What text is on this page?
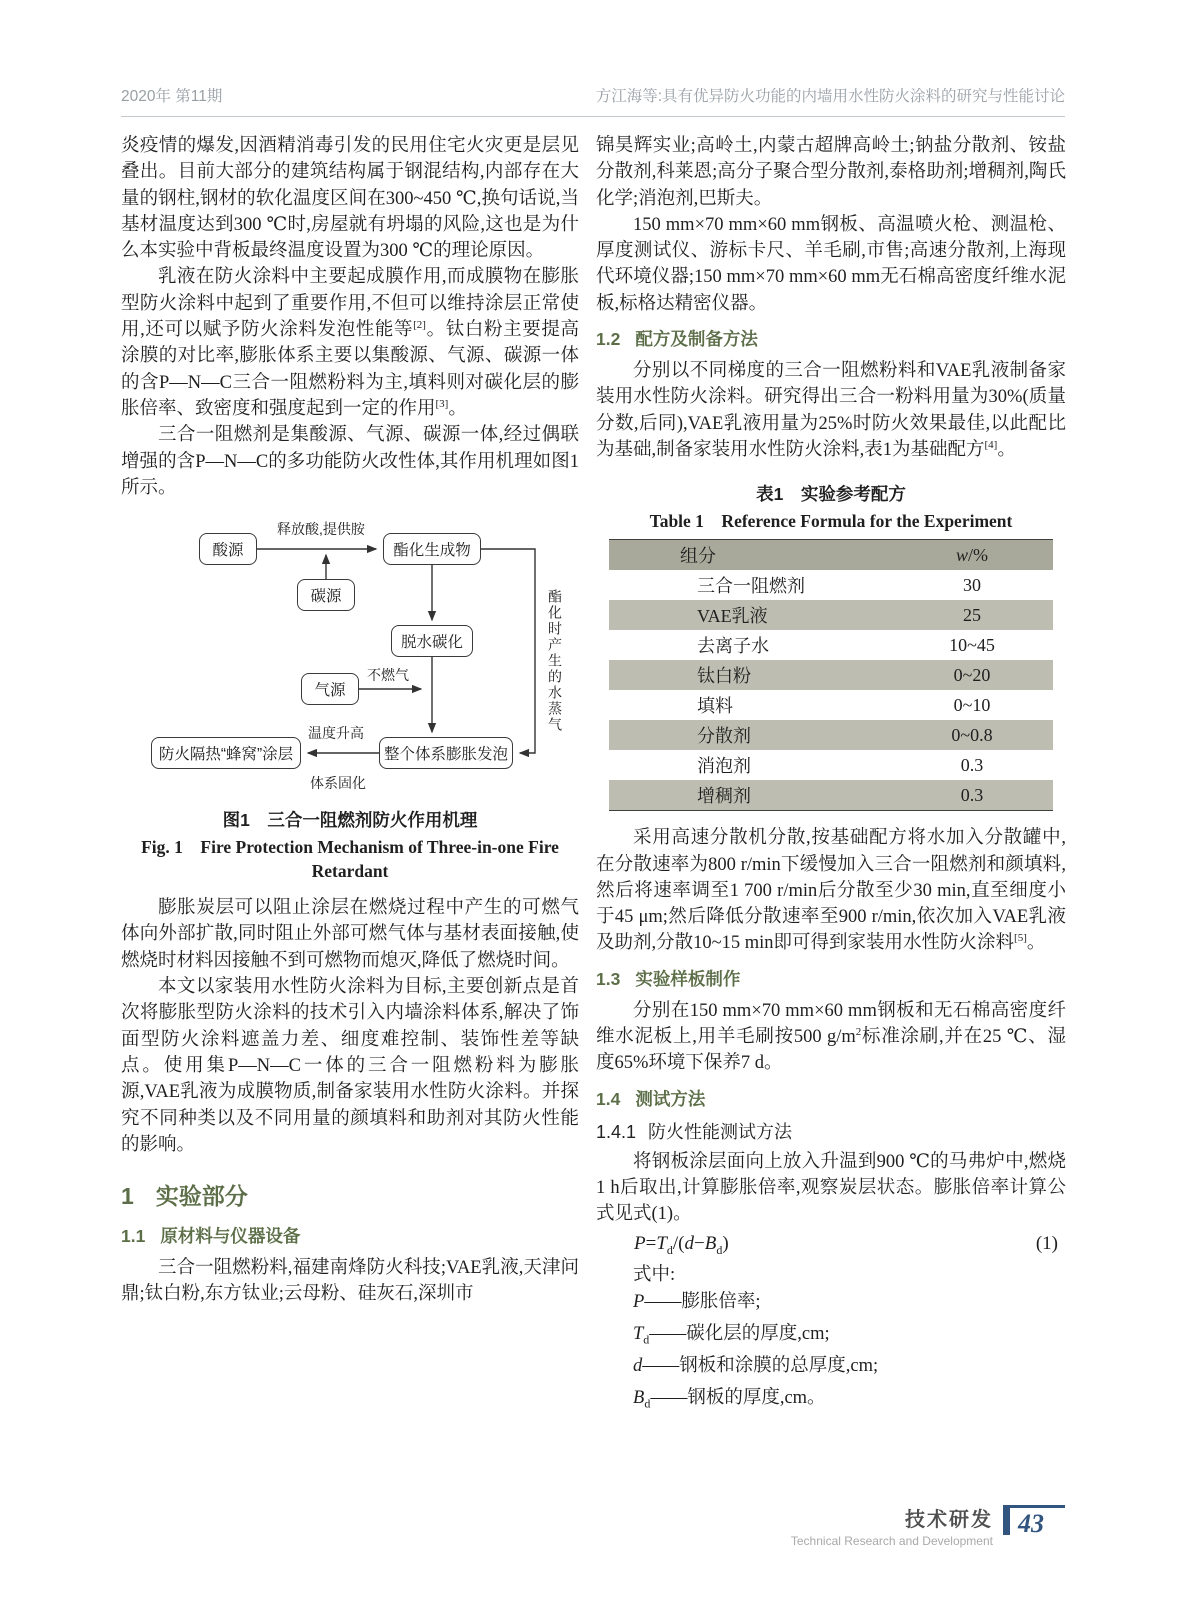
2020年 第11期	方江海等:具有优异防火功能的内墙用水性防火涂料的研究与性能讨论

炎疫情的爆发,因酒精消毒引发的民用住宅火灾更是层见叠出。目前大部分的建筑结构属于钢混结构,内部存在大量的钢柱,钢材的软化温度区间在300~450 ℃,换句话说,当基材温度达到300 ℃时,房屋就有坍塌的风险,这也是为什么本实验中背板最终温度设置为300 ℃的理论原因。

乳液在防火涂料中主要起成膜作用,而成膜物在膨胀型防火涂料中起到了重要作用,不但可以维持涂层正常使用,还可以赋予防火涂料发泡性能等[2]。钛白粉主要提高涂膜的对比率,膨胀体系主要以集酸源、气源、碳源一体的含P—N—C三合一阻燃粉料为主,填料则对碳化层的膨胀倍率、致密度和强度起到一定的作用[3]。

三合一阻燃剂是集酸源、气源、碳源一体,经过偶联增强的含P—N—C的多功能防火改性体,其作用机理如图1所示。

酸源	酯化生成物
碳源
脱水碳化
气源
整个体系膨胀发泡
防火隔热“蜂窝”涂层
释放酸,提供胺
不燃气
温度升高
体系固化
酯化时产生的水蒸气
图1　三合一阻燃剂防火作用机理
Fig. 1　Fire Protection Mechanism of Three-in-one Fire Retardant

膨胀炭层可以阻止涂层在燃烧过程中产生的可燃气体向外部扩散,同时阻止外部可燃气体与基材表面接触,使燃烧时材料因接触不到可燃物而熄灭,降低了燃烧时间。

本文以家装用水性防火涂料为目标,主要创新点是首次将膨胀型防火涂料的技术引入内墙涂料体系,解决了饰面型防火涂料遮盖力差、细度难控制、装饰性差等缺点。使用集P—N—C一体的三合一阻燃粉料为膨胀源,VAE乳液为成膜物质,制备家装用水性防火涂料。并探究不同种类以及不同用量的颜填料和助剂对其防火性能的影响。

1 实验部分
1.1 原材料与仪器设备

三合一阻燃粉料,福建南烽防火科技;VAE乳液,天津问鼎;钛白粉,东方钛业;云母粉、硅灰石,深圳市

锦昊辉实业;高岭土,内蒙古超牌高岭土;钠盐分散剂、铵盐分散剂,科莱恩;高分子聚合型分散剂,泰格助剂;增稠剂,陶氏化学;消泡剂,巴斯夫。

150 mm×70 mm×60 mm钢板、高温喷火枪、测温枪、厚度测试仪、游标卡尺、羊毛刷,市售;高速分散剂,上海现代环境仪器;150 mm×70 mm×60 mm无石棉高密度纤维水泥板,标格达精密仪器。

1.2 配方及制备方法

分别以不同梯度的三合一阻燃粉料和VAE乳液制备家装用水性防火涂料。研究得出三合一粉料用量为30%(质量分数,后同),VAE乳液用量为25%时防火效果最佳,以此配比为基础,制备家装用水性防火涂料,表1为基础配方[4]。

表1　实验参考配方
Table 1　Reference Formula for the Experiment
组分	w/%
三合一阻燃剂	30
VAE乳液	25
去离子水	10~45
钛白粉	0~20
填料	0~10
分散剂	0~0.8
消泡剂	0.3
增稠剂	0.3

采用高速分散机分散,按基础配方将水加入分散罐中,在分散速率为800 r/min下缓慢加入三合一阻燃剂和颜填料,然后将速率调至1 700 r/min后分散至少30 min,直至细度小于45 μm;然后降低分散速率至900 r/min,依次加入VAE乳液及助剂,分散10~15 min即可得到家装用水性防火涂料[5]。

1.3 实验样板制作

分别在150 mm×70 mm×60 mm钢板和无石棉高密度纤维水泥板上,用羊毛刷按500 g/m$^2$标准涂刷,并在25 ℃、湿度65%环境下保养7 d。

1.4 测试方法
1.4.1 防火性能测试方法

将钢板涂层面向上放入升温到900 ℃的马弗炉中,燃烧1 h后取出,计算膨胀倍率,观察炭层状态。膨胀倍率计算公式见式(1)。

$P=T_d/(d-B_d)$	(1)

式中:

P——膨胀倍率;

$T_d——$碳化层的厚度,cm;

d——钢板和涂膜的总厚度,cm;

$B_d——$钢板的厚度,cm。

技术研发
Technical Research and Development
43
